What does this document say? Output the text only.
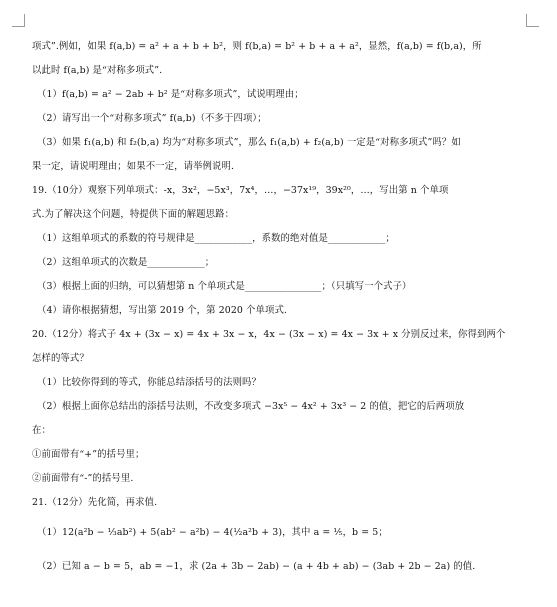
项式”.例如，如果 f(a,b) = a² + a + b + b²，则 f(b,a) = b² + b + a + a²，显然，f(a,b) = f(b,a)，所
以此时 f(a,b) 是“对称多项式”.
（1）f(a,b) = a² − 2ab + b² 是“对称多项式”，试说明理由；
（2）请写出一个“对称多项式” f(a,b)（不多于四项）；
（3）如果 f₁(a,b) 和 f₂(b,a) 均为“对称多项式”，那么 f₁(a,b) + f₂(a,b) 一定是“对称多项式”吗？如
果一定，请说明理由；如果不一定，请举例说明.
19.（10分）观察下列单项式：-x，3x²，−5x³，7x⁴，…，−37x¹⁹，39x²⁰，…，写出第 n 个单项
式.为了解决这个问题，特提供下面的解题思路：
（1）这组单项式的系数的符号规律是____________，系数的绝对值是____________；
（2）这组单项式的次数是____________；
（3）根据上面的归纳，可以猜想第 n 个单项式是________________；（只填写一个式子）
（4）请你根据猜想，写出第 2019 个，第 2020 个单项式.
20.（12分）将式子 4x + (3x − x) = 4x + 3x − x，4x − (3x − x) = 4x − 3x + x 分别反过来，你得到两个
怎样的等式？
（1）比较你得到的等式，你能总结添括号的法则吗？
（2）根据上面你总结出的添括号法则，不改变多项式 −3x⁵ − 4x² + 3x³ − 2 的值，把它的后两项放
在：
①前面带有“+”的括号里；
②前面带有“-”的括号里.
21.（12分）先化简，再求值.
（1）12(a²b − ⅓ab²) + 5(ab² − a²b) − 4(½a²b + 3)，其中 a = ⅕，b = 5；
（2）已知 a − b = 5，ab = −1，求 (2a + 3b − 2ab) − (a + 4b + ab) − (3ab + 2b − 2a) 的值.
